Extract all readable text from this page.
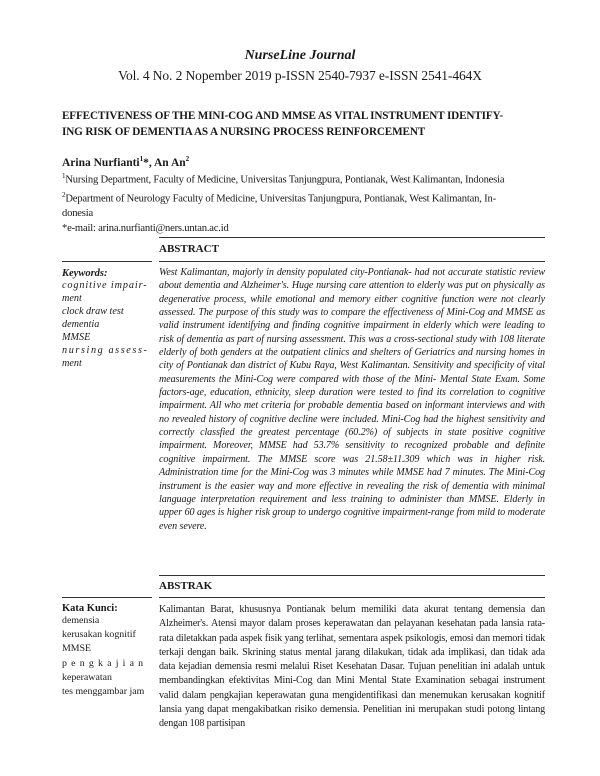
NurseLine Journal
Vol. 4 No. 2 Nopember 2019 p-ISSN 2540-7937 e-ISSN 2541-464X
EFFECTIVENESS OF THE MINI-COG AND MMSE AS VITAL INSTRUMENT IDENTIFY-
ING RISK OF DEMENTIA AS A NURSING PROCESS REINFORCEMENT
Arina Nurfianti$^1$*, An An$^2$
$^1$Nursing Department, Faculty of Medicine, Universitas Tanjungpura, Pontianak, West Kalimantan, Indonesia
$^2$Department of Neurology Faculty of Medicine, Universitas Tanjungpura, Pontianak, West Kalimantan, In-
donesia
*e-mail: arina.nurfianti@ners.untan.ac.id
ABSTRACT
Keywords:
cognitive impair-
ment
clock draw test
dementia
MMSE
nursing assess-
ment
West Kalimantan, majorly in density populated city-Pontianak- had not accurate statistic review about dementia and Alzheimer's. Huge nursing care attention to elderly was put on physically as degenerative process, while emotional and memory either cognitive function were not clearly assessed. The purpose of this study was to compare the effectiveness of Mini-Cog and MMSE as valid instrument identifying and finding cognitive impairment in elderly which were leading to risk of dementia as part of nursing assessment. This was a cross-sectional study with 108 literate elderly of both genders at the outpatient clinics and shelters of Geriatrics and nursing homes in city of Pontianak dan district of Kubu Raya, West Kalimantan. Sensitivity and specificity of vital measurements the Mini-Cog were compared with those of the Mini- Mental State Exam. Some factors-age, education, ethnicity, sleep duration were tested to find its correlation to cognitive impairment. All who met criteria for probable dementia based on informant interviews and with no revealed history of cognitive decline were included. Mini-Cog had the highest sensitivity and correctly classfied the greatest percentage (60.2%) of subjects in state positive cognitive impairment. Moreover, MMSE had 53.7% sensitivity to recognized probable and definite cognitive impairment. The MMSE score was 21.58±11.309 which was in higher risk. Administration time for the Mini-Cog was 3 minutes while MMSE had 7 minutes. The Mini-Cog instrument is the easier way and more effective in revealing the risk of dementia with minimal language interpretation requirement and less training to administer than MMSE. Elderly in upper 60 ages is higher risk group to undergo cognitive impairment-range from mild to moderate even severe.
ABSTRAK
Kata Kunci:
demensia
kerusakan kognitif
MMSE
pengkajian
keperawatan
tes menggambar jam
Kalimantan Barat, khususnya Pontianak belum memiliki data akurat tentang demensia dan Alzheimer's. Atensi mayor dalam proses keperawatan dan pelayanan kesehatan pada lansia rata-rata diletakkan pada aspek fisik yang terlihat, sementara aspek psikologis, emosi dan memori tidak terkaji dengan baik. Skrining status mental jarang dilakukan, tidak ada implikasi, dan tidak ada data kejadian demensia resmi melalui Riset Kesehatan Dasar. Tujuan penelitian ini adalah untuk membandingkan efektivitas Mini-Cog dan Mini Mental State Examination sebagai instrument valid dalam pengkajian keperawatan guna mengidentifikasi dan menemukan kerusakan kognitif lansia yang dapat mengakibatkan risiko demensia. Penelitian ini merupakan studi potong lintang dengan 108 partisipan
